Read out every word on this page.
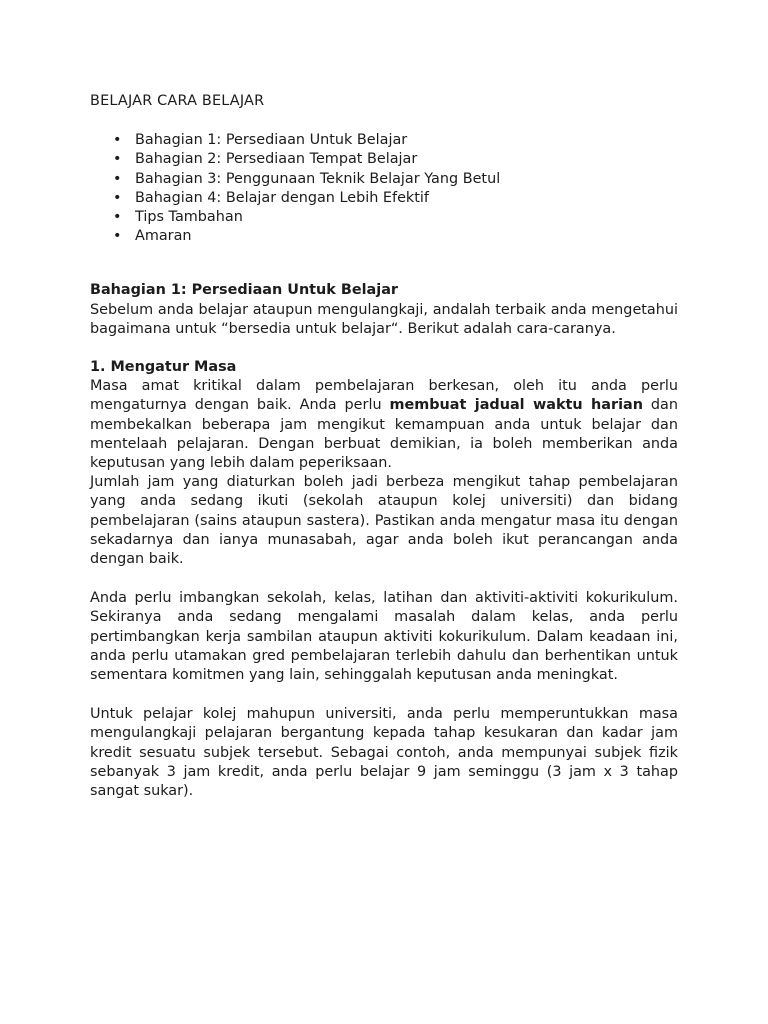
BELAJAR CARA BELAJAR
• Bahagian 1: Persediaan Untuk Belajar
• Bahagian 2: Persediaan Tempat Belajar
• Bahagian 3: Penggunaan Teknik Belajar Yang Betul
• Bahagian 4: Belajar dengan Lebih Efektif
• Tips Tambahan
• Amaran

Bahagian 1: Persediaan Untuk Belajar

Sebelum anda belajar ataupun mengulangkaji, andalah terbaik anda mengetahui bagaimana untuk “bersedia untuk belajar“. Berikut adalah cara-caranya.

1. Mengatur Masa

Masa amat kritikal dalam pembelajaran berkesan, oleh itu anda perlu mengaturnya dengan baik. Anda perlu membuat jadual waktu harian dan membekalkan beberapa jam mengikut kemampuan anda untuk belajar dan mentelaah pelajaran. Dengan berbuat demikian, ia boleh memberikan anda keputusan yang lebih dalam peperiksaan.

Jumlah jam yang diaturkan boleh jadi berbeza mengikut tahap pembelajaran yang anda sedang ikuti (sekolah ataupun kolej universiti) dan bidang pembelajaran (sains ataupun sastera). Pastikan anda mengatur masa itu dengan sekadarnya dan ianya munasabah, agar anda boleh ikut perancangan anda dengan baik.

Anda perlu imbangkan sekolah, kelas, latihan dan aktiviti-aktiviti kokurikulum. Sekiranya anda sedang mengalami masalah dalam kelas, anda perlu pertimbangkan kerja sambilan ataupun aktiviti kokurikulum. Dalam keadaan ini, anda perlu utamakan gred pembelajaran terlebih dahulu dan berhentikan untuk sementara komitmen yang lain, sehinggalah keputusan anda meningkat.

Untuk pelajar kolej mahupun universiti, anda perlu memperuntukkan masa mengulangkaji pelajaran bergantung kepada tahap kesukaran dan kadar jam kredit sesuatu subjek tersebut. Sebagai contoh, anda mempunyai subjek fizik sebanyak 3 jam kredit, anda perlu belajar 9 jam seminggu (3 jam x 3 tahap sangat sukar).
